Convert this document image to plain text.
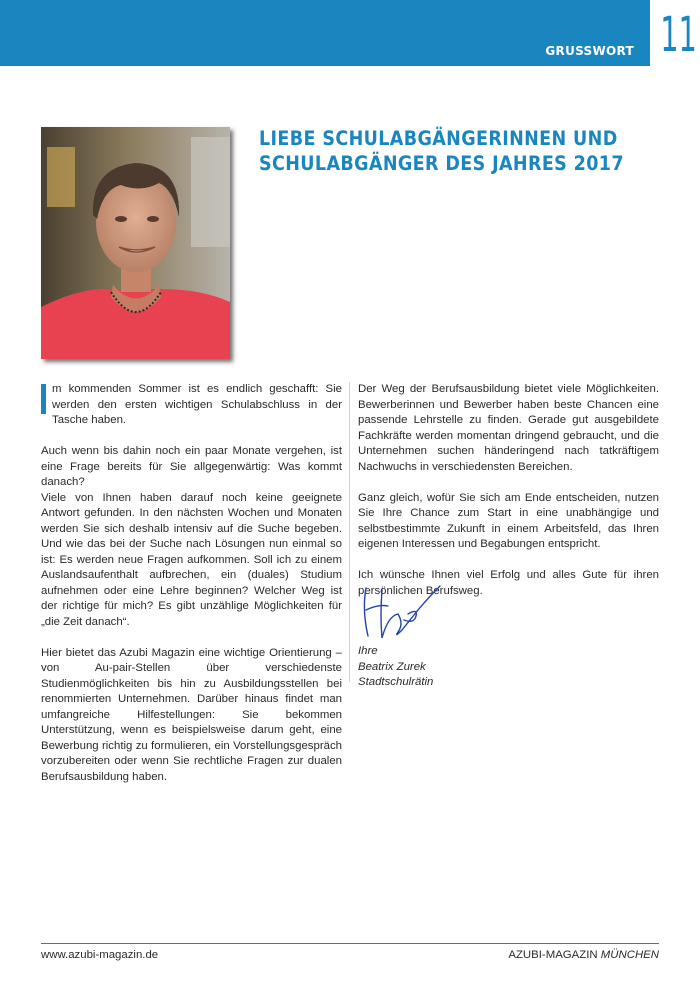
GRUSSWORT 11
LIEBE SCHULABGÄNGERINNEN UND SCHULABGÄNGER DES JAHRES 2017

m kommenden Sommer ist es endlich geschafft: Sie werden den ersten wichtigen Schulabschluss in der Tasche haben.

Auch wenn bis dahin noch ein paar Monate vergehen, ist eine Frage bereits für Sie allgegenwärtig: Was kommt danach?

Viele von Ihnen haben darauf noch keine geeignete Antwort gefunden. In den nächsten Wochen und Monaten werden Sie sich deshalb intensiv auf die Suche begeben. Und wie das bei der Suche nach Lösungen nun einmal so ist: Es werden neue Fragen aufkommen. Soll ich zu einem Auslandsaufenthalt aufbrechen, ein (duales) Studium aufnehmen oder eine Lehre beginnen? Welcher Weg ist der richtige für mich? Es gibt unzählige Möglichkeiten für „die Zeit danach“.

Hier bietet das Azubi Magazin eine wichtige Orientierung – von Au-pair-Stellen über verschiedenste Studienmöglichkeiten bis hin zu Ausbildungsstellen bei renommierten Unternehmen. Darüber hinaus findet man umfangreiche Hilfestellungen: Sie bekommen Unterstützung, wenn es beispielsweise darum geht, eine Bewerbung richtig zu formulieren, ein Vorstellungsgespräch vorzubereiten oder wenn Sie rechtliche Fragen zur dualen Berufsausbildung haben.

Der Weg der Berufsausbildung bietet viele Möglichkeiten. Bewerberinnen und Bewerber haben beste Chancen eine passende Lehrstelle zu finden. Gerade gut ausgebildete Fachkräfte werden momentan dringend gebraucht, und die Unternehmen suchen händeringend nach tatkräftigem Nachwuchs in verschiedensten Bereichen.

Ganz gleich, wofür Sie sich am Ende entscheiden, nutzen Sie Ihre Chance zum Start in eine unabhängige und selbstbestimmte Zukunft in einem Arbeitsfeld, das Ihren eigenen Interessen und Begabungen entspricht.

Ich wünsche Ihnen viel Erfolg und alles Gute für ihren persönlichen Berufsweg.

Ihre
Beatrix Zurek
Stadtschulrätin
www.azubi-magazin.de	AZUBI-MAGAZIN MÜNCHEN
